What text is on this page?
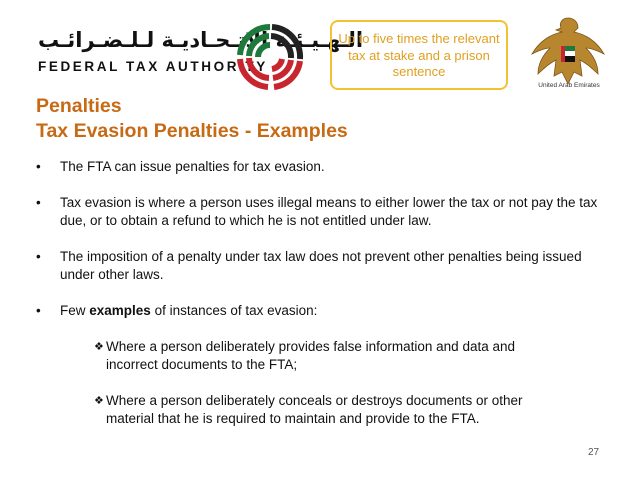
الـهـيـئـة الاتـحـاديـة لـلـضـرائـب
FEDERAL TAX AUTHORITY
Up to five times the relevant tax at stake and a prison sentence
United Arab Emirates
Penalties
Tax Evasion Penalties - Examples
•	The FTA can issue penalties for tax evasion.
•	Tax evasion is where a person uses illegal means to either lower the tax or not pay the tax due, or to obtain a refund to which he is not entitled under law.
•	The imposition of a penalty under tax law does not prevent other penalties being issued under other laws.
•	Few examples of instances of tax evasion:
❖ Where a person deliberately provides false information and data and incorrect documents to the FTA;
❖ Where a person deliberately conceals or destroys documents or other material that he is required to maintain and provide to the FTA.
27
